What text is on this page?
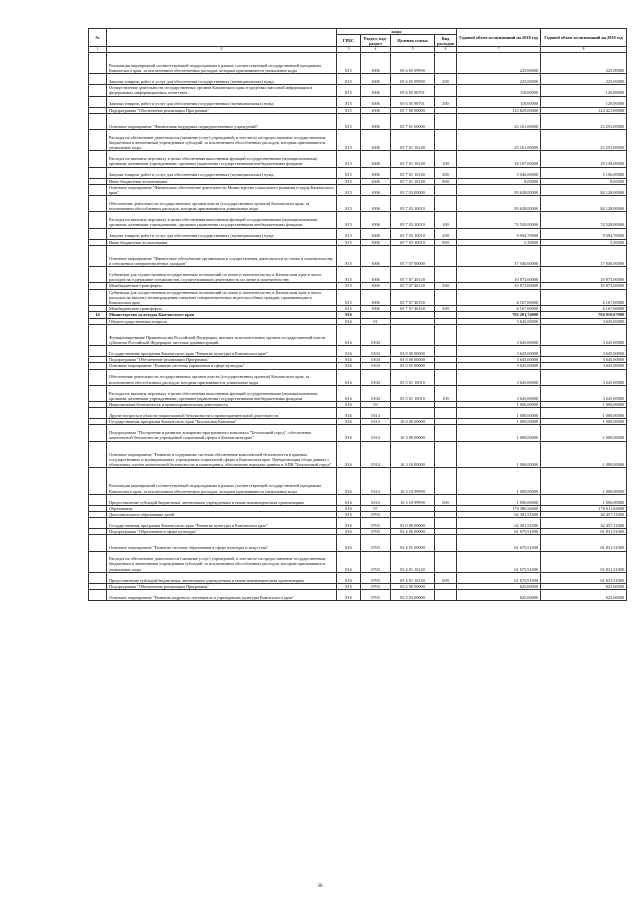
№		коды				Годовой объем ассигнований на 2018 год	Годовой объем ассигнований на 2019 год
		ГРБС	Раздел, под-раздел	Целевая статья	Вид расходов		
1	2	3	4	5	6	7	8
	Реализация мероприятий соответствующей подпрограммы в рамках соответствующей государственной программы Камчатского края, за исключением обеспеченных расходов, которым присваиваются уникальные коды	815	1006	05 6 05 99990		225,00000	225,00000
	Закупка товаров, работ и услуг для обеспечения государственных (муниципальных) нужд	815	1006	05 6 05 99990	200	225,00000	225,00000
	Осуществление деятельности государственных органов Камчатского края в средствах массовой информации и федеральных информационных агентствах	815	1006	05 6 05 98701		110,00000	120,00000
	Закупка товаров, работ и услуг для обеспечения государственных (муниципальных) нужд	815	1006	05 6 05 98701	200	110,00000	120,00000
	Подпрограмма "Обеспечение реализации Программы"	815	1006	05 7 00 00000		123 829,00000	124 421,00000
	Основное мероприятие "Финансовая поддержка подведомственных учреждений"	815	1006	05 7 01 00000		23 161,00000	23 253,00000
	Расходы на обеспечение деятельности (оказание услуг) учреждений, в том числе на предоставление государственным бюджетным и автономным учреждениям субсидий, за исключением обособленных расходов, которым присваиваются уникальные коды	815	1006	05 7 01 10140		23 161,00000	23 253,00000
	Расходы на выплаты персоналу в целях обеспечения выполнения функций государственными (муниципальными) органами, казенными учреждениями, органами управления государственными внебюджетными фондами	815	1006	05 7 01 10140	100	18 107,00000	18 138,00000
	Закупка товаров, работ и услуг для обеспечения государственных (муниципальных) нужд	815	1006	05 7 01 10140	200	5 046,00000	5 106,00000
	Иные бюджетные ассигнования	815	1006	05 7 01 10140	800	8,00000	8,00000
	Основное мероприятие "Финансовое обеспечение деятельности Министерства социального развития и труда Камчатского края"	815	1006	05 7 03 00000		83 628,00000	84 128,00000
	Обеспечение деятельности государственных органов власти (государственных органов) Камчатского края, за исключением обособленных расходов, которым присваиваются уникальные коды	815	1006	05 7 03 10010		83 628,00000	84 128,00000
	Расходы на выплаты персоналу в целях обеспечения выполнения функций государственными (муниципальными) органами, казенными учреждениями, органами управления государственными внебюджетными фондами	815	1006	05 7 03 10010	100	74 528,00000	74 528,00000
	Закупка товаров, работ и услуг для обеспечения государственных (муниципальных) нужд	815	1006	05 7 03 10010	200	9 094,70000	9 594,70000
	Иные бюджетные ассигнования	815	1006	05 7 03 10010	800	5,30000	5,30000
	Основное мероприятие "Финансовое обеспечение организации и осуществления деятельности по опеке и попечительству и отношении совершеннолетних граждан"	815	1006	05 7 07 00000		17 040,00000	17 040,00000
	Субвенции для осуществления государственных полномочий по опеке и попечительству в Камчатском крае в части расходов на содержание специалистов, осуществляющих деятельность по опеке и попечительству	815	1006	05 7 07 40120		10 873,00000	10 873,00000
	Межбюджетные трансферты	815	1006	05 7 07 40120	500	10 873,00000	10 873,00000
	Субвенции для осуществления государственных полномочий по опеке и попечительству в Камчатском крае в части расходов на выплату вознаграждения опекунам совершеннолетних недееспособных граждан, проживающим в Камчатском крае	815	1006	05 7 07 40150		6 167,00000	6 167,00000
	Межбюджетные трансферты	815	1006	05 7 07 40150	500	6 167,00000	6 167,00000
14	Министерство культуры Камчатского края	816				702 201,74000	704 910,07000
	Общегосударственные вопросы	816	01			3 645,00000	3 645,00000
	Функционирование Правительства Российской Федерации, высших исполнительных органов государственной власти субъектов Российской Федерации, местных администраций	816	0104			3 645,00000	3 645,00000
	Государственная программа Камчатского края "Развитие культуры в Камчатском крае"	816	0104	03 0 00 00000		3 645,00000	3 645,00000
	Подпрограмма "Обеспечение реализации Программы"	816	0104	03 5 00 00000		3 645,00000	3 645,00000
	Основное мероприятие "Развитие системы управления в сфере культуры"	816	0104	03 5 01 00000		3 645,00000	3 645,00000
	Обеспечение деятельности государственных органов власти (государственных органов) Камчатского края, за исключением обособленных расходов, которым присваиваются уникальные коды	816	0104	03 5 01 10010		3 645,00000	3 645,00000
	Расходы на выплаты персоналу в целях обеспечения выполнения функций государственными (муниципальными) органами, казенными учреждениями, органами управления государственными внебюджетными фондами	816	0104	03 5 01 10010	100	3 645,00000	3 645,00000
	Национальная безопасность и правоохранительная деятельность	816	03			1 000,00000	1 000,00000
	Другие вопросы в области национальной безопасности и правоохранительной деятельности	816	0314			1 000,00000	1 000,00000
	Государственная программа Камчатского края "Безопасная Камчатка"	816	0314	16 0 00 00000		1 000,00000	1 000,00000
	Подпрограмма "Построение и развитие аппаратно-программного комплекса "Безопасный город", обеспечение комплексной безопасности учреждений социальной сферы в Камчатском крае"	816	0314	16 3 00 00000		1 000,00000	1 000,00000
	Основное мероприятие "Развитие и содержание системы обеспечения комплексной безопасности в краевых государственных и муниципальных учреждениях социальной сферы в Камчатском крае. Централизация сбора данных с объектовых систем комплексной безопасности и мониторинга, обеспечение передачи данных в АПК "Безопасный город"	816	0314	16 3 10 00000		1 000,00000	1 000,00000
	Реализация мероприятий соответствующей подпрограммы в рамках соответствующей государственной программы Камчатского края, за исключением обеспеченных расходов, которым присваиваются уникальные коды	816	0314	16 3 10 99990		1 000,00000	1 000,00000
	Предоставление субсидий бюджетным, автономным учреждениям и иным некоммерческим организациям	816	0314	16 3 10 99990	600	1 000,00000	1 000,00000
	Образование	816	07			170 380,56000	170 611,84000
	Дополнительное образование детей	816	0703			62 301,51000	62 457,11000
	Государственная программа Камчатского края "Развитие культуры в Камчатском крае"	816	0703	03 0 00 00000		62 301,51000	62 457,11000
	Подпрограмма "Образование в сфере культуры"	816	0703	03 4 00 00000		61 675,91000	61 831,51000
	Основное мероприятие "Развитие системы образования в сфере культуры и искусства"	816	0703	03 4 01 00000		61 675,91000	61 831,51000
	Расходы на обеспечение деятельности (оказание услуг) учреждений, в том числе на предоставление государственным бюджетным и автономным учреждениям субсидий, за исключением обособленных расходов, которым присваиваются уникальные коды	816	0703	03 4 01 10140		61 675,91000	61 831,51000
	Предоставление субсидий бюджетным, автономным учреждениям и иным некоммерческим организациям	816	0703	03 4 01 10140	600	61 675,91000	61 831,51000
	Подпрограмма "Обеспечение реализации Программы"	816	0703	03 5 00 00000		625,60000	625,60000
	Основное мероприятие "Развитие кадрового потенциала в учреждениях культуры Камчатского края"	816	0703	03 5 03 00000		625,60000	625,60000
36
